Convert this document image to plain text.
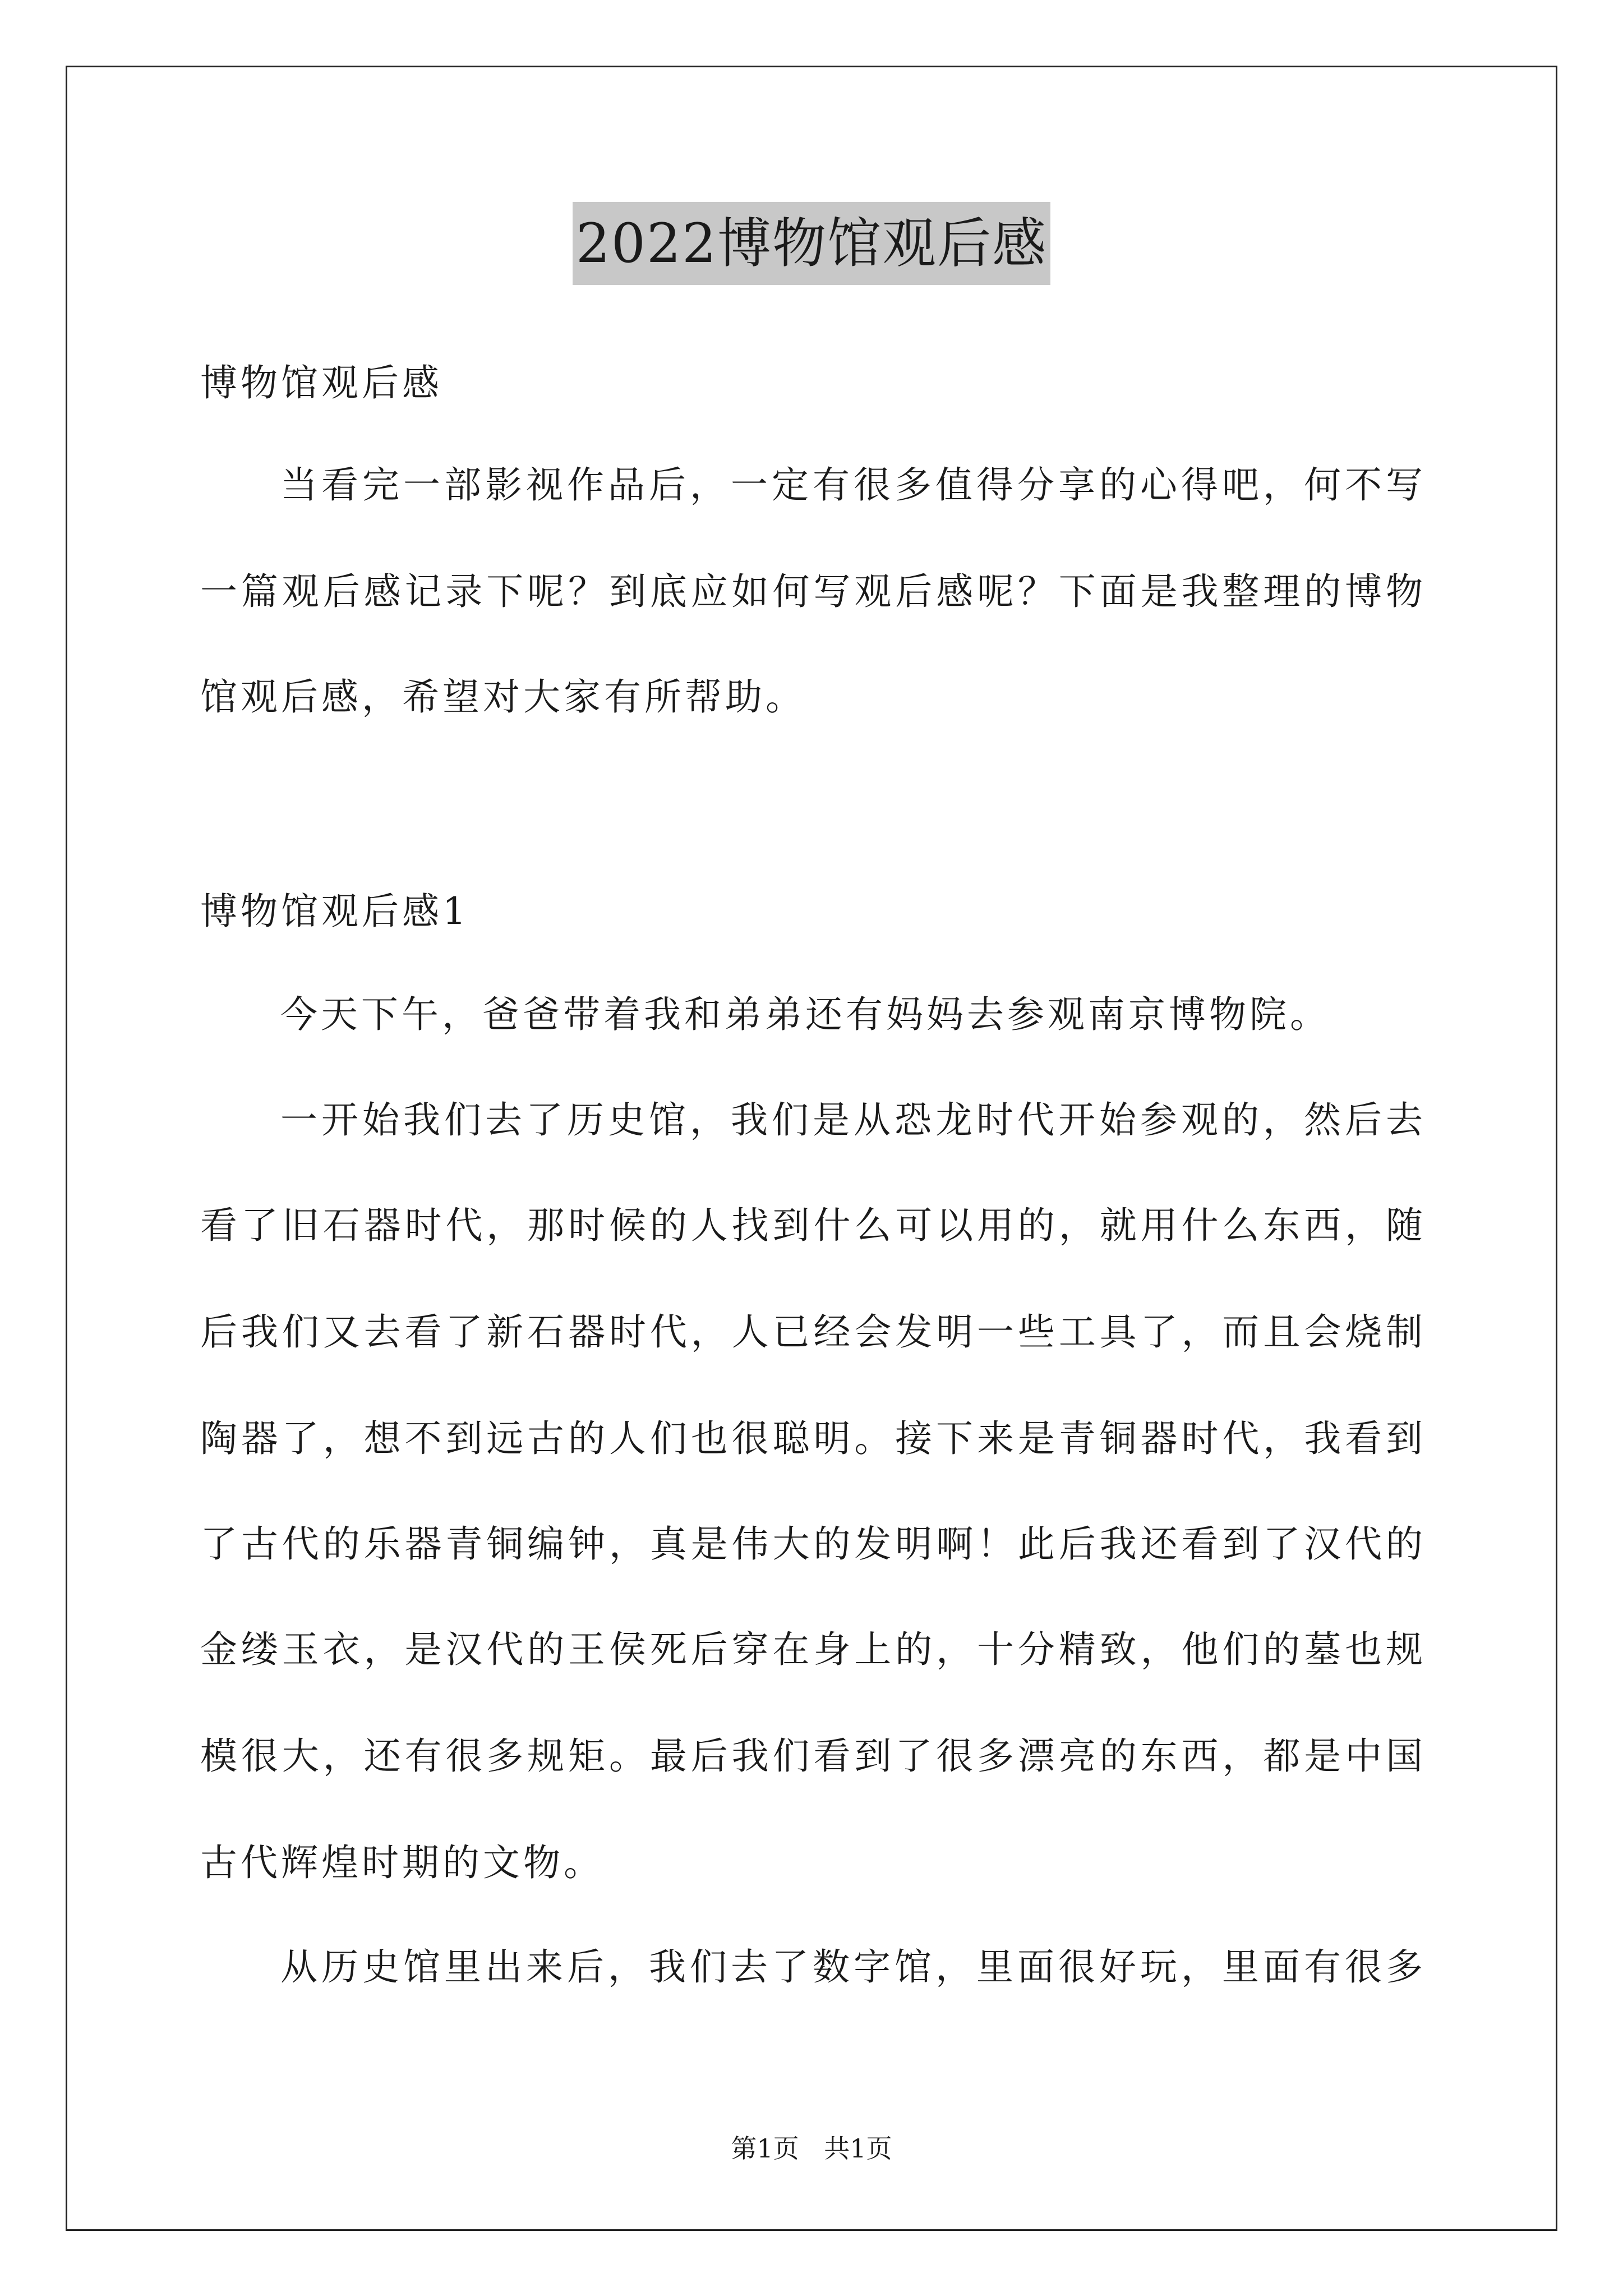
2022博物馆观后感
博物馆观后感
当看完一部影视作品后，一定有很多值得分享的心得吧，何不写
一篇观后感记录下呢？到底应如何写观后感呢？下面是我整理的博物
馆观后感，希望对大家有所帮助。
博物馆观后感1
今天下午，爸爸带着我和弟弟还有妈妈去参观南京博物院。
一开始我们去了历史馆，我们是从恐龙时代开始参观的，然后去
看了旧石器时代，那时候的人找到什么可以用的，就用什么东西，随
后我们又去看了新石器时代，人已经会发明一些工具了，而且会烧制
陶器了，想不到远古的人们也很聪明。接下来是青铜器时代，我看到
了古代的乐器青铜编钟，真是伟大的发明啊！此后我还看到了汉代的
金缕玉衣，是汉代的王侯死后穿在身上的，十分精致，他们的墓也规
模很大，还有很多规矩。最后我们看到了很多漂亮的东西，都是中国
古代辉煌时期的文物。
从历史馆里出来后，我们去了数字馆，里面很好玩，里面有很多
第1页 共1页
